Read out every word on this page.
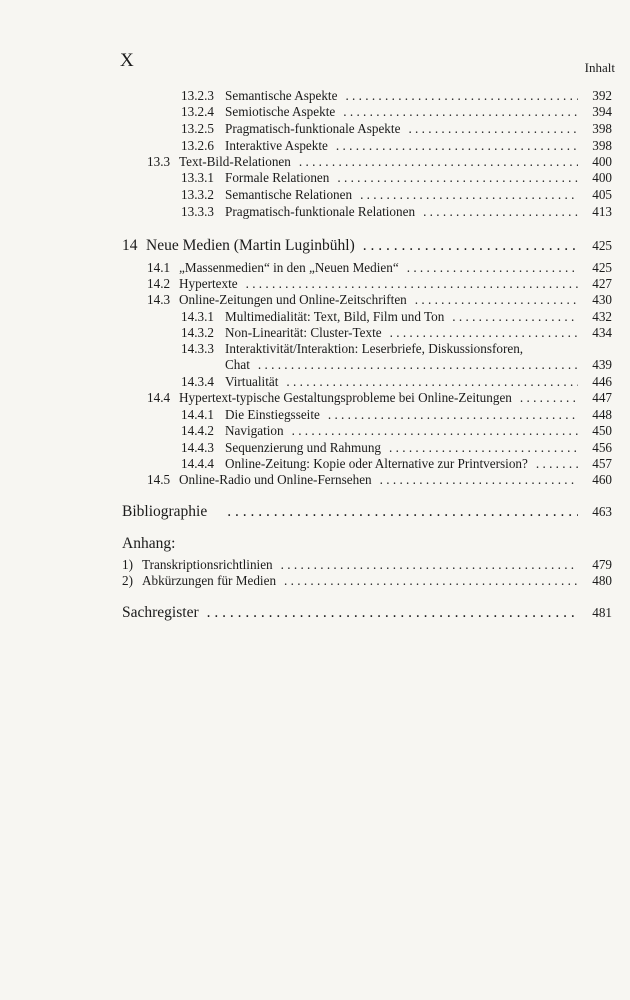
X	Inhalt
13.2.3 Semantische Aspekte . . .	392
13.2.4 Semiotische Aspekte . . .	394
13.2.5 Pragmatisch-funktionale Aspekte . . .	398
13.2.6 Interaktive Aspekte . . .	398
13.3 Text-Bild-Relationen . . .	400
13.3.1 Formale Relationen . . .	400
13.3.2 Semantische Relationen . . .	405
13.3.3 Pragmatisch-funktionale Relationen . . .	413
14 Neue Medien (Martin Luginbühl) . . .	425
14.1 „Massenmedien“ in den „Neuen Medien“ . . .	425
14.2 Hypertexte . . .	427
14.3 Online-Zeitungen und Online-Zeitschriften . . .	430
14.3.1 Multimedialität: Text, Bild, Film und Ton . . .	432
14.3.2 Non-Linearität: Cluster-Texte . . .	434
14.3.3 Interaktivität/Interaktion: Leserbriefe, Diskussionsforen,
Chat . . .	439
14.3.4 Virtualität . . .	446
14.4 Hypertext-typische Gestaltungsprobleme bei Online-Zeitungen . . .	447
14.4.1 Die Einstiegsseite . . .	448
14.4.2 Navigation . . .	450
14.4.3 Sequenzierung und Rahmung . . .	456
14.4.4 Online-Zeitung: Kopie oder Alternative zur Printversion? . . .	457
14.5 Online-Radio und Online-Fernsehen . . .	460
Bibliographie . . .	463
Anhang:
1) Transkriptionsrichtlinien . . .	479
2) Abkürzungen für Medien . . .	480
Sachregister . . .	481
